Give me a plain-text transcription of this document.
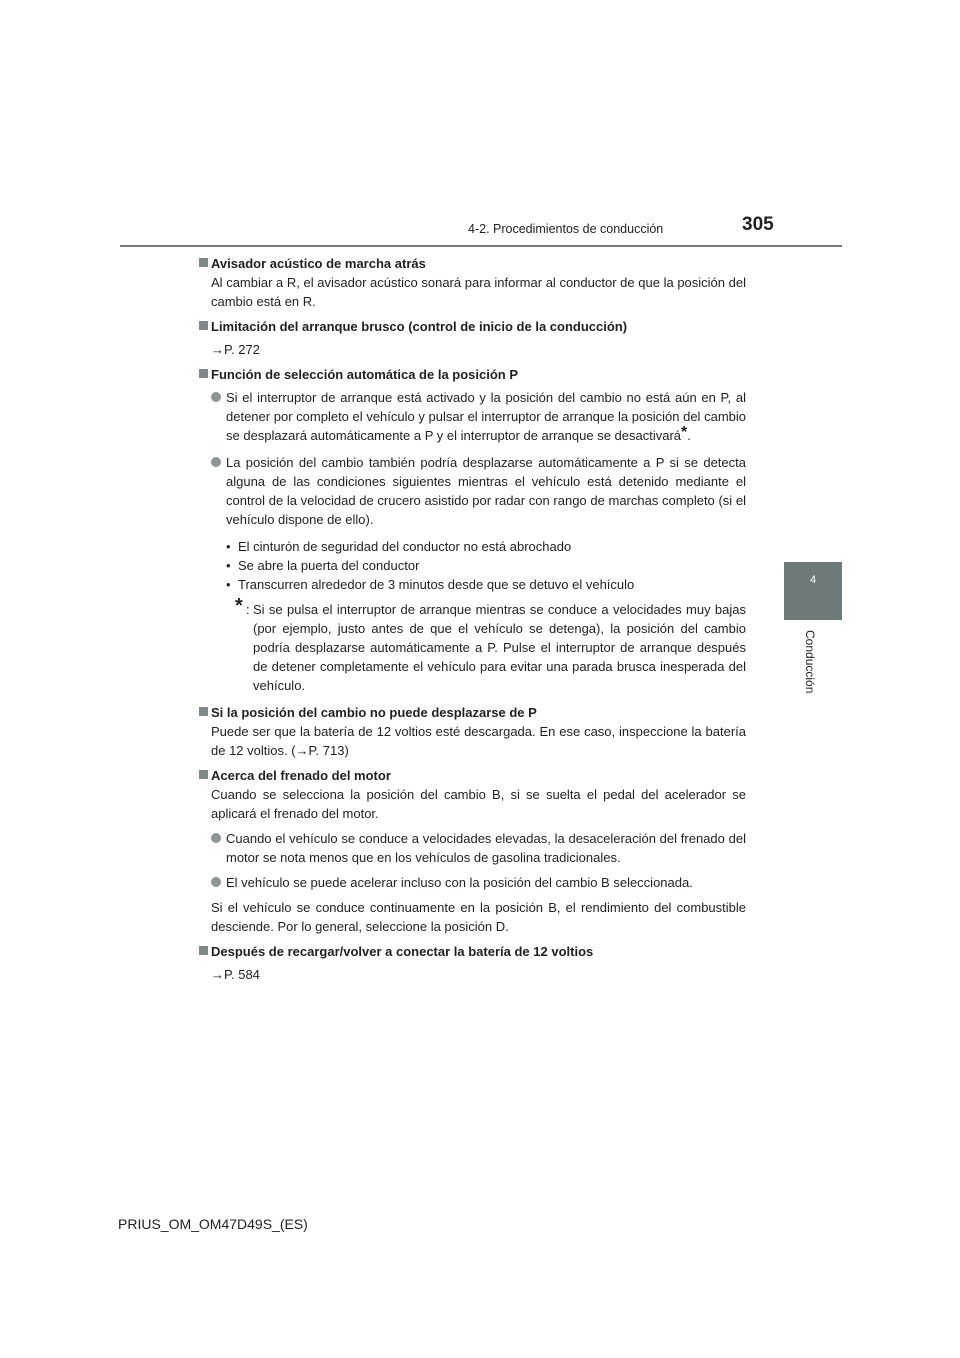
4-2. Procedimientos de conducción	305
4
Conducción

Avisador acústico de marcha atrás

Al cambiar a R, el avisador acústico sonará para informar al conductor de que la posición del cambio está en R.

Limitación del arranque brusco (control de inicio de la conducción)

→P. 272

Función de selección automática de la posición P

Si el interruptor de arranque está activado y la posición del cambio no está aún en P, al detener por completo el vehículo y pulsar el interruptor de arranque la posición del cambio se desplazará automáticamente a P y el interruptor de arranque se desactivará*.

La posición del cambio también podría desplazarse automáticamente a P si se detecta alguna de las condiciones siguientes mientras el vehículo está detenido mediante el control de la velocidad de crucero asistido por radar con rango de marchas completo (si el vehículo dispone de ello).

• El cinturón de seguridad del conductor no está abrochado

• Se abre la puerta del conductor

• Transcurren alrededor de 3 minutos desde que se detuvo el vehículo

* : Si se pulsa el interruptor de arranque mientras se conduce a velocidades muy bajas (por ejemplo, justo antes de que el vehículo se detenga), la posición del cambio podría desplazarse automáticamente a P. Pulse el interruptor de arranque después de detener completamente el vehículo para evitar una parada brusca inesperada del vehículo.

Si la posición del cambio no puede desplazarse de P

Puede ser que la batería de 12 voltios esté descargada. En ese caso, inspeccione la batería de 12 voltios. (→P. 713)

Acerca del frenado del motor

Cuando se selecciona la posición del cambio B, si se suelta el pedal del acelerador se aplicará el frenado del motor.

Cuando el vehículo se conduce a velocidades elevadas, la desaceleración del frenado del motor se nota menos que en los vehículos de gasolina tradicionales.

El vehículo se puede acelerar incluso con la posición del cambio B seleccionada.

Si el vehículo se conduce continuamente en la posición B, el rendimiento del combustible desciende. Por lo general, seleccione la posición D.

Después de recargar/volver a conectar la batería de 12 voltios

→P. 584

PRIUS_OM_OM47D49S_(ES)
